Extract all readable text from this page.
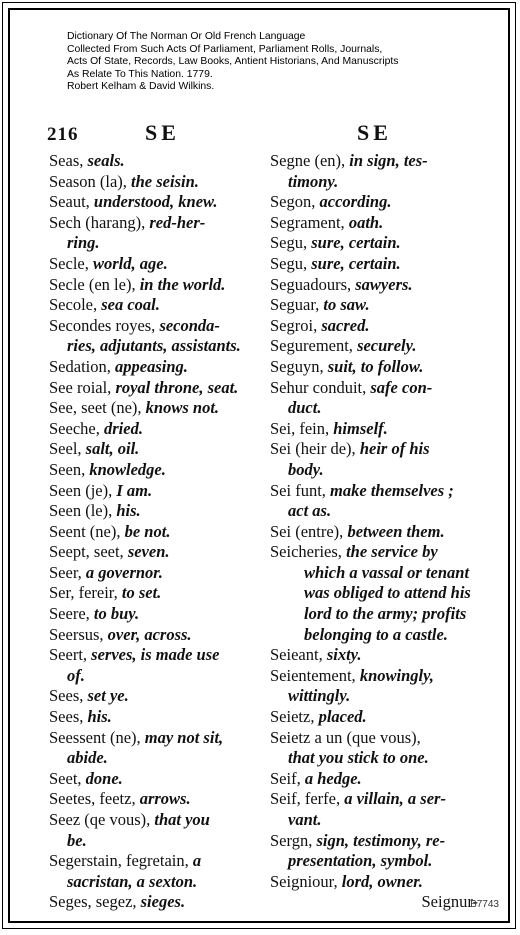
Dictionary Of The Norman Or Old French Language
Collected From Such Acts Of Parliament, Parliament Rolls, Journals,
Acts Of State, Records, Law Books, Antient Historians, And Manuscripts
As Relate To This Nation. 1779.
Robert Kelham & David Wilkins.
216	SE	SE
Seas, seals.
Season (la), the seisin.
Seaut, understood, knew.
Sech (harang), red-her-
ring.
Secle, world, age.
Secle (en le), in the world.
Secole, sea coal.
Secondes royes, seconda-
ries, adjutants, assistants.
Sedation, appeasing.
See roial, royal throne, seat.
See, seet (ne), knows not.
Seeche, dried.
Seel, salt, oil.
Seen, knowledge.
Seen (je), I am.
Seen (le), his.
Seent (ne), be not.
Seept, seet, seven.
Seer, a governor.
Ser, fereir, to set.
Seere, to buy.
Seersus, over, across.
Seert, serves, is made use
of.
Sees, set ye.
Sees, his.
Seessent (ne), may not sit,
abide.
Seet, done.
Seetes, feetz, arrows.
Seez (qe vous), that you
be.
Segerstain, fegretain, a
sacristan, a sexton.
Seges, segez, sieges.
Segne (en), in sign, tes-
timony.
Segon, according.
Segrament, oath.
Segu, sure, certain.
Segu, sure, certain.
Seguadours, sawyers.
Seguar, to saw.
Segroi, sacred.
Segurement, securely.
Seguyn, suit, to follow.
Sehur conduit, safe con-
duct.
Sei, fein, himself.
Sei (heir de), heir of his
body.
Sei funt, make themselves ;
act as.
Sei (entre), between them.
Seicheries, the service by
which a vassal or tenant
was obliged to attend his
lord to the army; profits
belonging to a castle.
Seieant, sixty.
Seientement, knowingly,
wittingly.
Seietz, placed.
Seietz a un (que vous),
that you stick to one.
Seif, a hedge.
Seif, ferfe, a villain, a ser-
vant.
Sergn, sign, testimony, re-
presentation, symbol.
Seigniour, lord, owner.
Seignur-
B7743
